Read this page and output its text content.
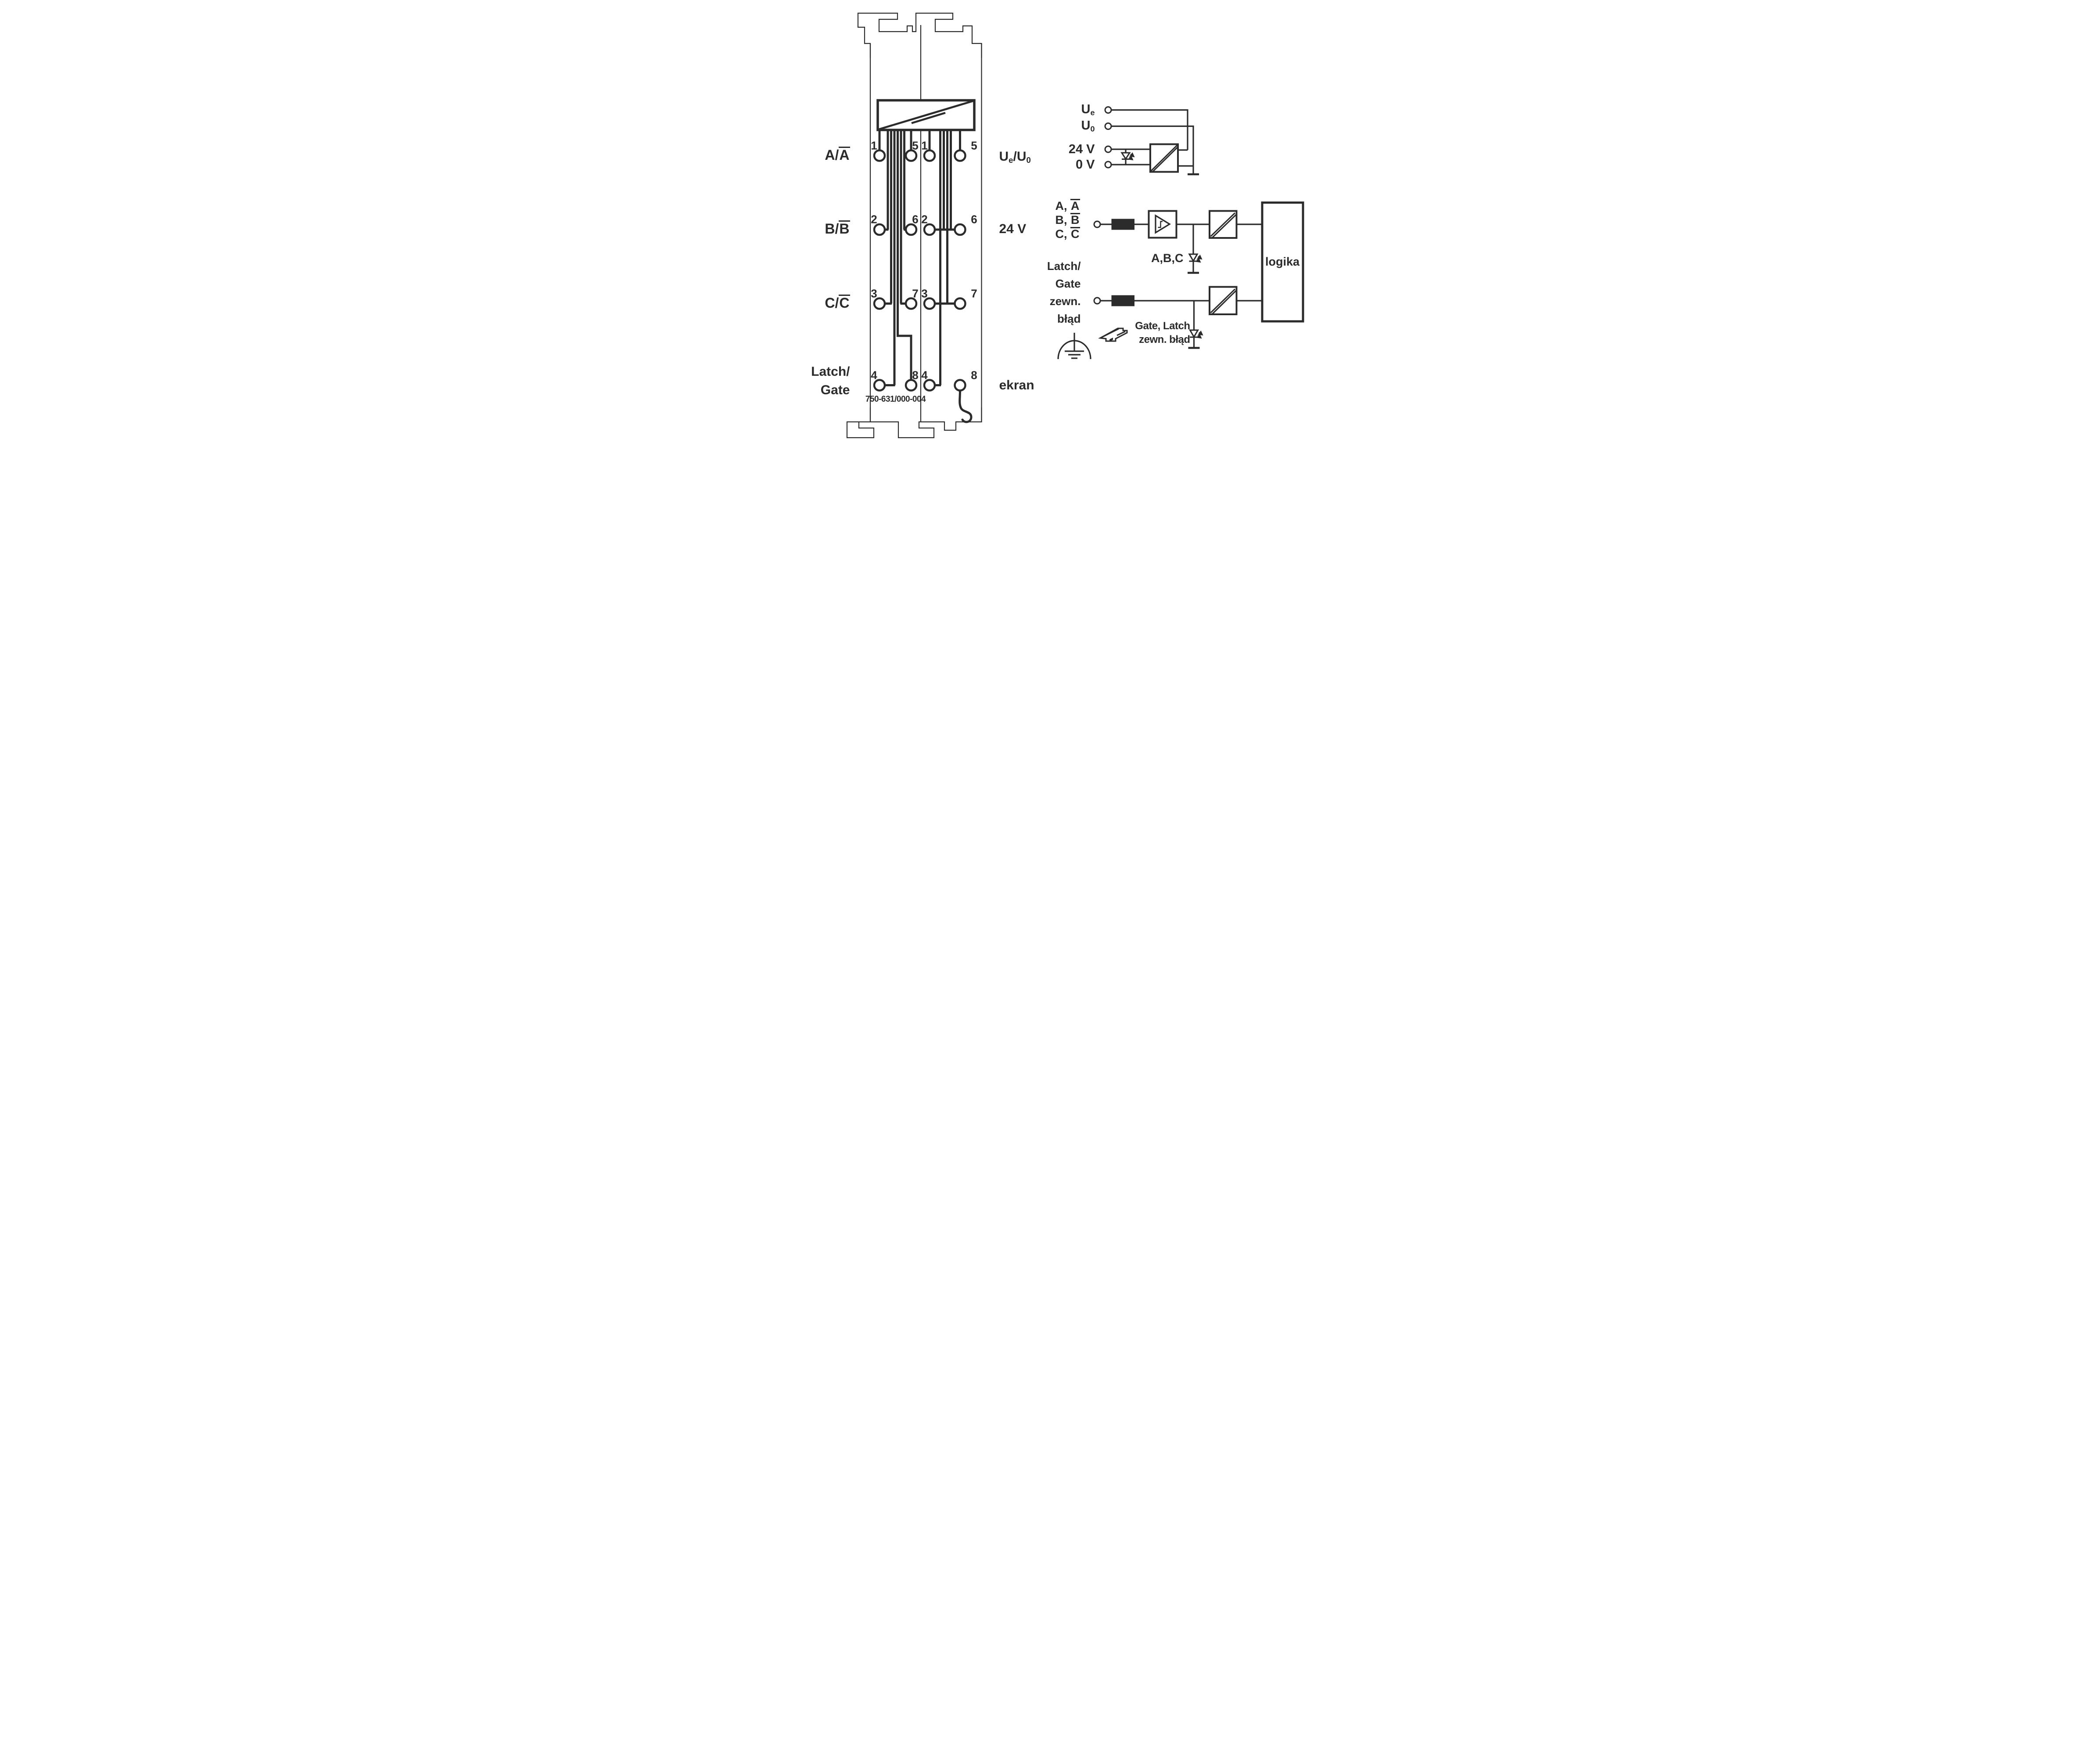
A/A
B/B
C/C
Latch/
Gate
Ue/U0
24 V
ekran
750-631/000-004
1	5 1	5
2	6 2	6
3	7 3	7
4	8 4	8
Ue
U0
24 V
0 V
A, A
B, B
C, C
Latch/
Gate
zewn.
błąd
A,B,C
Gate, Latch
zewn. błąd
logika
